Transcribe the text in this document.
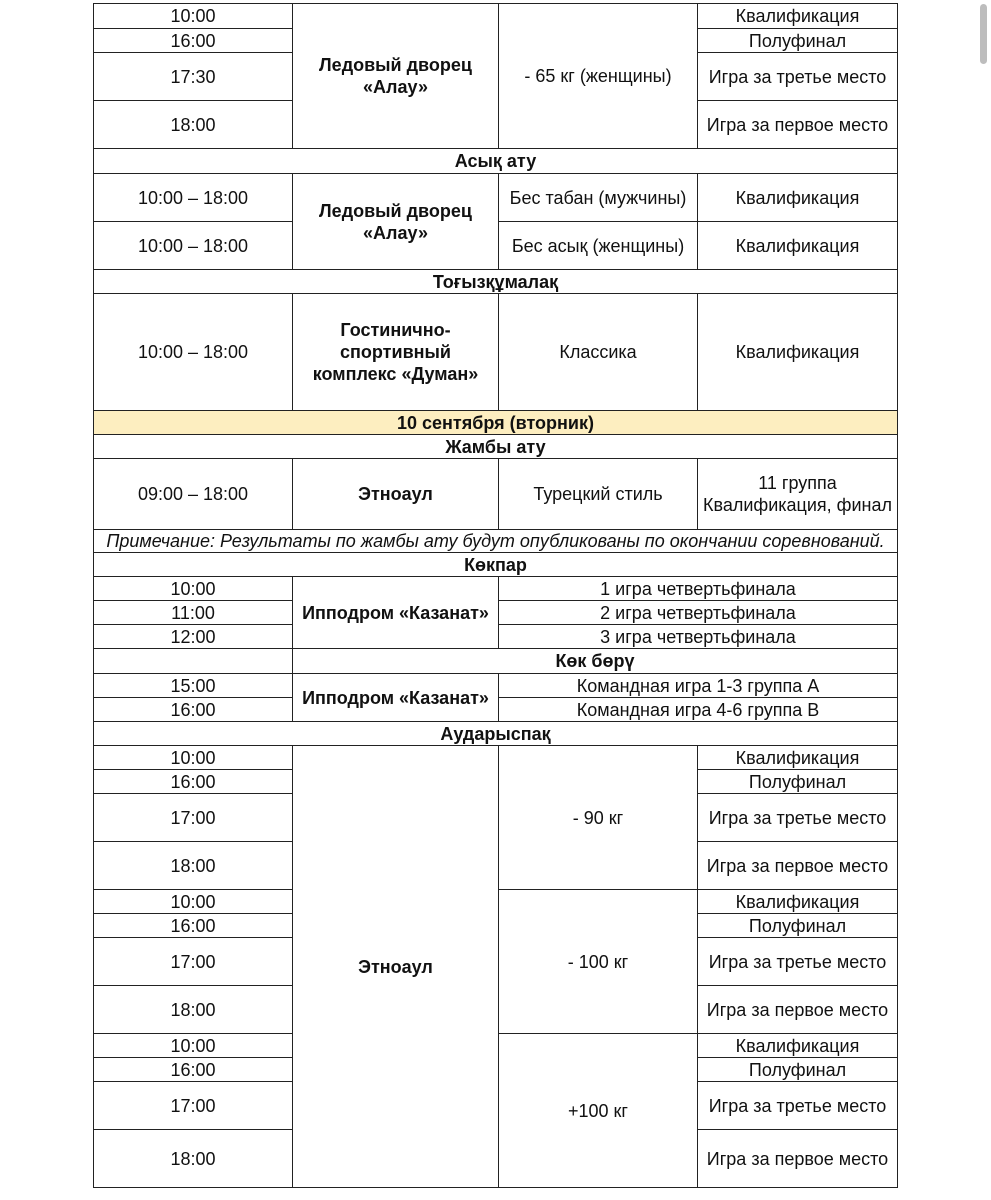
10:00	Ледовый дворец «Алау»	- 65 кг (женщины)	Квалификация
16:00			Полуфинал
17:30			Игра за третье место
18:00			Игра за первое место
Асық ату			
10:00 – 18:00	Ледовый дворец «Алау»	Бес табан (мужчины)	Квалификация
10:00 – 18:00		Бес асық (женщины)	Квалификация
Тоғызқұмалақ			
10:00 – 18:00	Гостинично-спортивный комплекс «Думан»	Классика	Квалификация
10 сентября (вторник)			
Жамбы ату			
09:00 – 18:00	Этноаул	Турецкий стиль	11 группа Квалификация, финал
Примечание: Результаты по жамбы ату будут опубликованы по окончании соревнований.			
Көкпар			
10:00	Ипподром «Казанат»	1 игра четвертьфинала	
11:00		2 игра четвертьфинала	
12:00		3 игра четвертьфинала	
	Көк бөрү		
15:00	Ипподром «Казанат»	Командная игра 1-3 группа A	
16:00		Командная игра 4-6 группа B	
Аударыспақ			
10:00	Этноаул	- 90 кг	Квалификация
16:00			Полуфинал
17:00			Игра за третье место
18:00			Игра за первое место
10:00		- 100 кг	Квалификация
16:00			Полуфинал
17:00			Игра за третье место
18:00			Игра за первое место
10:00		+100 кг	Квалификация
16:00			Полуфинал
17:00			Игра за третье место
18:00			Игра за первое место
